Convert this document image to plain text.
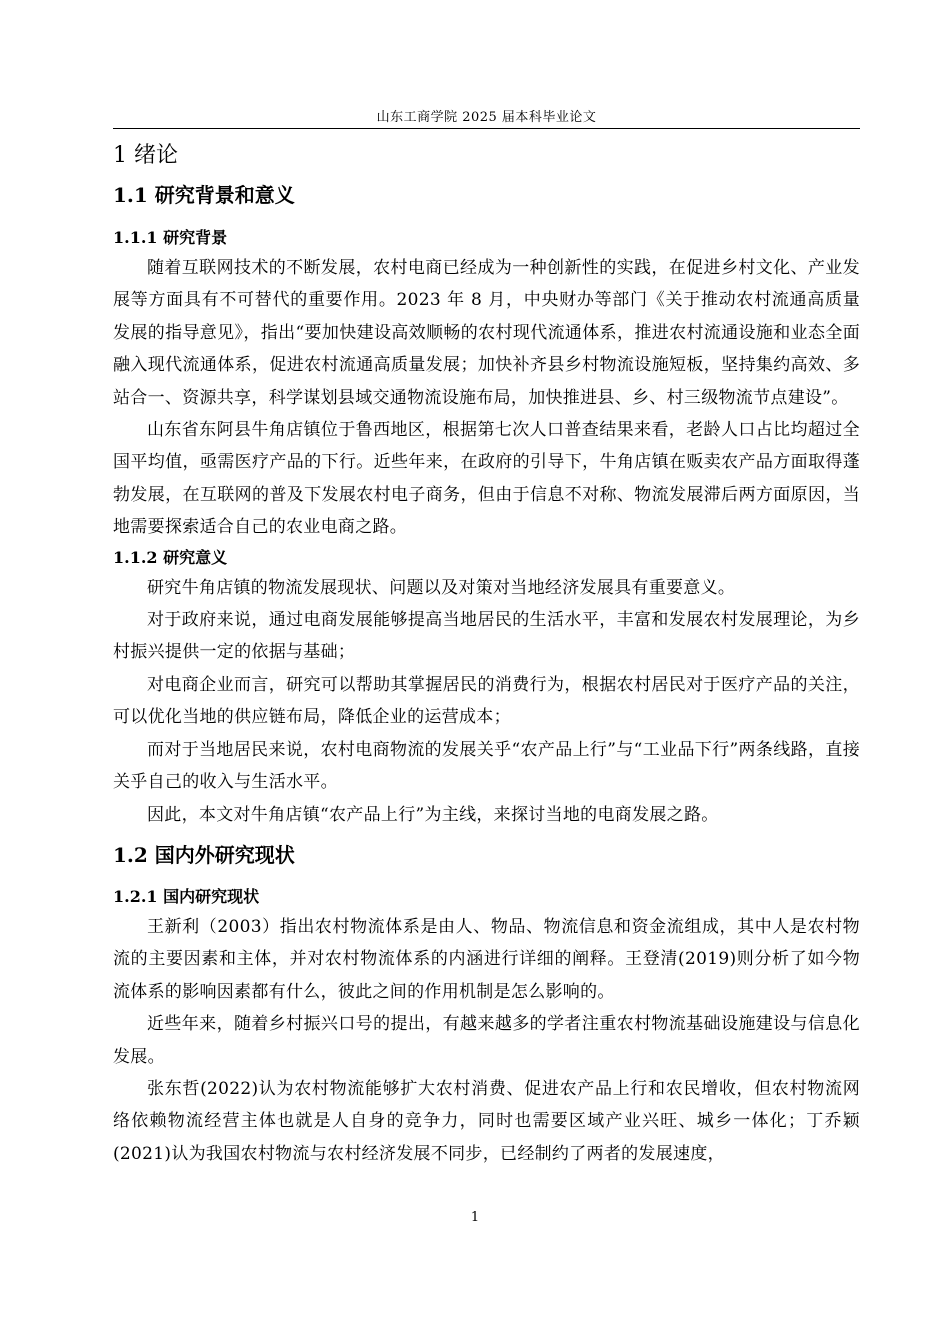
山东工商学院 2025 届本科毕业论文
1 绪论
1.1 研究背景和意义
1.1.1 研究背景

随着互联网技术的不断发展，农村电商已经成为一种创新性的实践，在促进乡村文化、产业发展等方面具有不可替代的重要作用。2023 年 8 月，中央财办等部门《关于推动农村流通高质量发展的指导意见》，指出“要加快建设高效顺畅的农村现代流通体系，推进农村流通设施和业态全面融入现代流通体系，促进农村流通高质量发展；加快补齐县乡村物流设施短板，坚持集约高效、多站合一、资源共享，科学谋划县域交通物流设施布局，加快推进县、乡、村三级物流节点建设”。

山东省东阿县牛角店镇位于鲁西地区，根据第七次人口普查结果来看，老龄人口占比均超过全国平均值，亟需医疗产品的下行。近些年来，在政府的引导下，牛角店镇在贩卖农产品方面取得蓬勃发展，在互联网的普及下发展农村电子商务，但由于信息不对称、物流发展滞后两方面原因，当地需要探索适合自己的农业电商之路。

1.1.2 研究意义

研究牛角店镇的物流发展现状、问题以及对策对当地经济发展具有重要意义。

对于政府来说，通过电商发展能够提高当地居民的生活水平，丰富和发展农村发展理论，为乡村振兴提供一定的依据与基础；

对电商企业而言，研究可以帮助其掌握居民的消费行为，根据农村居民对于医疗产品的关注，可以优化当地的供应链布局，降低企业的运营成本；

而对于当地居民来说，农村电商物流的发展关乎“农产品上行”与“工业品下行”两条线路，直接关乎自己的收入与生活水平。

因此，本文对牛角店镇“农产品上行”为主线，来探讨当地的电商发展之路。

1.2 国内外研究现状
1.2.1 国内研究现状

王新利（2003）指出农村物流体系是由人、物品、物流信息和资金流组成，其中人是农村物流的主要因素和主体，并对农村物流体系的内涵进行详细的阐释。王登清(2019)则分析了如今物流体系的影响因素都有什么，彼此之间的作用机制是怎么影响的。

近些年来，随着乡村振兴口号的提出，有越来越多的学者注重农村物流基础设施建设与信息化发展。

张东哲(2022)认为农村物流能够扩大农村消费、促进农产品上行和农民增收，但农村物流网络依赖物流经营主体也就是人自身的竞争力，同时也需要区域产业兴旺、城乡一体化；丁乔颖(2021)认为我国农村物流与农村经济发展不同步，已经制约了两者的发展速度，

1
